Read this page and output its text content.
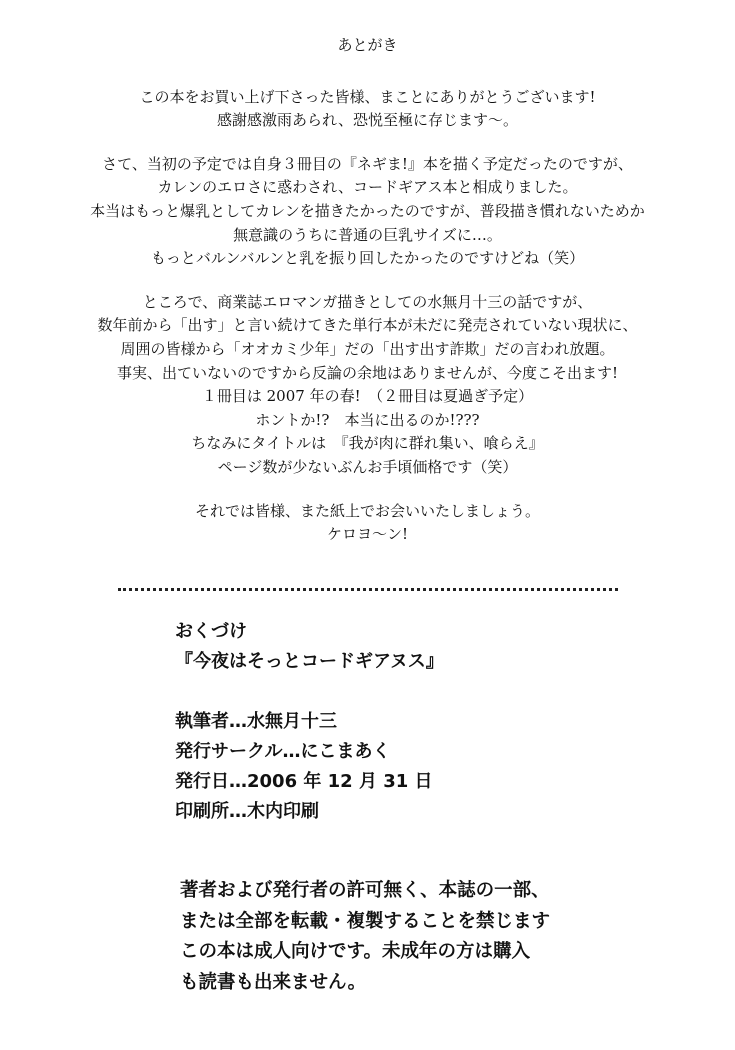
あとがき
この本をお買い上げ下さった皆様、まことにありがとうございます!
感謝感激雨あられ、恐悦至極に存じます〜。
さて、当初の予定では自身３冊目の『ネギま!』本を描く予定だったのですが、
カレンのエロさに惑わされ、コードギアス本と相成りました。
本当はもっと爆乳としてカレンを描きたかったのですが、普段描き慣れないためか
無意識のうちに普通の巨乳サイズに…。
もっとバルンバルンと乳を振り回したかったのですけどね（笑）
ところで、商業誌エロマンガ描きとしての水無月十三の話ですが、
数年前から「出す」と言い続けてきた単行本が未だに発売されていない現状に、
周囲の皆様から「オオカミ少年」だの「出す出す詐欺」だの言われ放題。
事実、出ていないのですから反論の余地はありませんが、今度こそ出ます!
１冊目は 2007 年の春!　（２冊目は夏過ぎ予定）
ホントか!?　本当に出るのか!???
ちなみにタイトルは　『我が肉に群れ集い、喰らえ』
ページ数が少ないぶんお手頃価格です（笑）
それでは皆様、また紙上でお会いいたしましょう。
ケロヨ〜ン!
おくづけ
『今夜はそっとコードギアヌス』
執筆者…水無月十三
発行サークル…にこまあく
発行日…2006 年 12 月 31 日
印刷所…木内印刷
著者および発行者の許可無く、本誌の一部、
または全部を転載・複製することを禁じます
この本は成人向けです。未成年の方は購入
も読書も出来ません。
